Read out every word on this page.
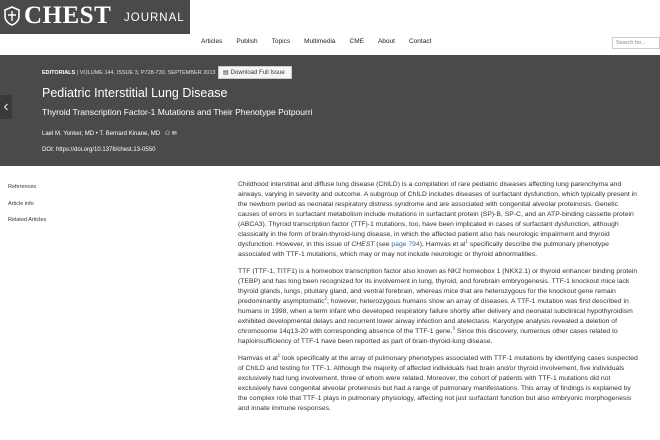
CHEST JOURNAL
Articles Publish Topics Multimedia CME About Contact	Search for...
‹
EDITORIALS | VOLUME 144, ISSUE 3, P728-730, SEPTEMBER 2013	▤ Download Full Issue
Pediatric Interstitial Lung Disease
Thyroid Transcription Factor-1 Mutations and Their Phenotype Potpourri
Lael M. Yonker, MD • T. Bernard Kinane, MD ⚇ ✉
DOI: https://doi.org/10.1378/chest.13-0550
References
Article info
Related Articles

Childhood interstitial and diffuse lung disease (ChILD) is a compilation of rare pediatric diseases affecting lung parenchyma and airways, varying in severity and outcome. A subgroup of ChILD includes diseases of surfactant dysfunction, which typically present in the newborn period as neonatal respiratory distress syndrome and are associated with congenital alveolar proteinosis. Genetic causes of errors in surfactant metabolism include mutations in surfactant protein (SP)-B, SP-C, and an ATP-binding cassette protein (ABCA3). Thyroid transcription factor (TTF)-1 mutations, too, have been implicated in cases of surfactant dysfunction, although classically in the form of brain-thyroid-lung disease, in which the affected patient also has neurologic impairment and thyroid dysfunction. However, in this issue of CHEST (see page 794), Hamvas et $al^1$ specifically describe the pulmonary phenotype associated with TTF-1 mutations, which may or may not include neurologic or thyroid abnormalities.

TTF (TTF-1, TITF1) is a homeobox transcription factor also known as NK2 homeobox 1 (NKX2.1) or thyroid enhancer binding protein (TEBP) and has long been recognized for its involvement in lung, thyroid, and forebrain embryogenesis. TTF-1 knockout mice lack thyroid glands, lungs, pituitary gland, and ventral forebrain, whereas mice that are heterozygous for the knockout gene remain predominantly asymptomatic$^2$; however, heterozygous humans show an array of diseases. A TTF-1 mutation was first described in humans in 1998, when a term infant who developed respiratory failure shortly after delivery and neonatal subclinical hypothyroidism exhibited developmental delays and recurrent lower airway infection and atelectasis. Karyotype analysis revealed a deletion of chromosome 14q13-20 with corresponding absence of the TTF-1 gene.$^3$ Since this discovery, numerous other cases related to haploinsufficiency of TTF-1 have been reported as part of brain-thyroid-lung disease.

Hamvas et $al^1$ look specifically at the array of pulmonary phenotypes associated with TTF-1 mutations by identifying cases suspected of ChILD and testing for TTF-1. Although the majority of affected individuals had brain and/or thyroid involvement, five individuals exclusively had lung involvement, three of whom were related. Moreover, the cohort of patients with TTF-1 mutations did not exclusively have congenital alveolar proteinosis but had a range of pulmonary manifestations. This array of findings is explained by the complex role that TTF-1 plays in pulmonary physiology, affecting not just surfactant function but also embryonic morphogenesis and innate immune responses.
